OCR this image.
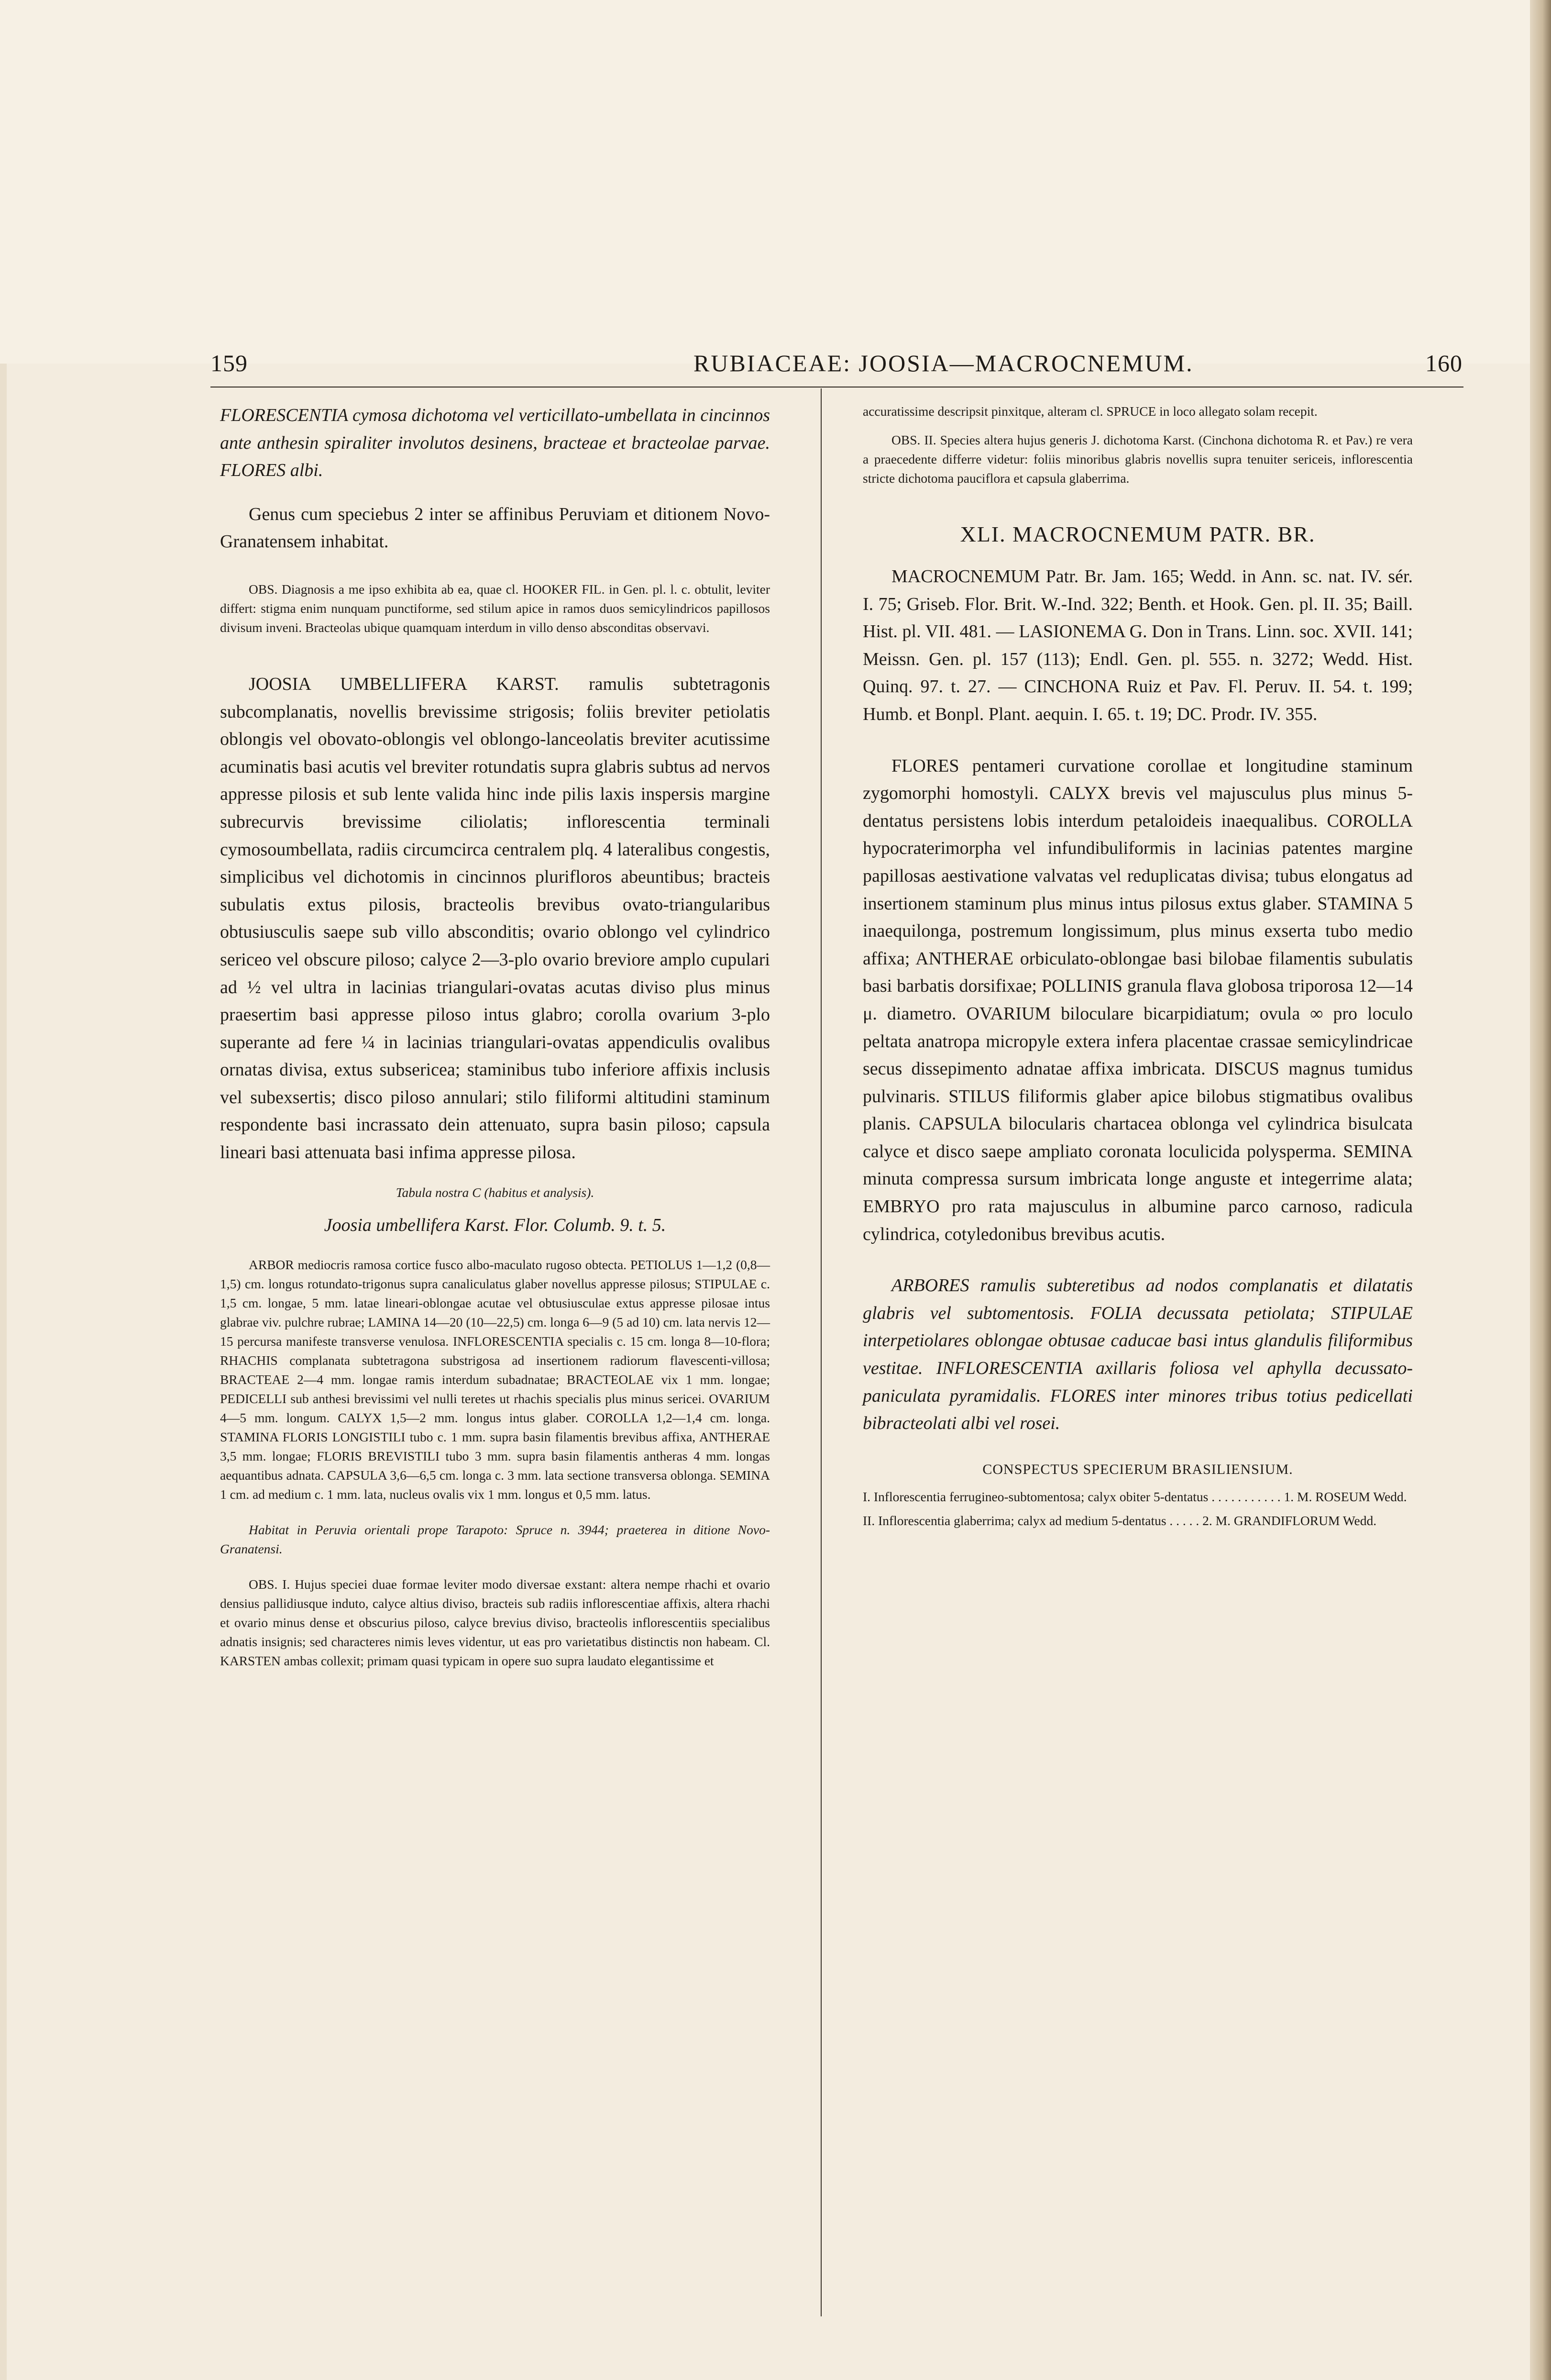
159	RUBIACEAE: JOOSIA—MACROCNEMUM.	160

FLORESCENTIA cymosa dichotoma vel verticillato-umbellata in cincinnos ante anthesin spiraliter involutos desinens, bracteae et bracteolae parvae. FLORES albi.

Genus cum speciebus 2 inter se affinibus Peruviam et ditionem Novo-Granatensem inhabitat.

OBS. Diagnosis a me ipso exhibita ab ea, quae cl. HOOKER FIL. in Gen. pl. l. c. obtulit, leviter differt: stigma enim nunquam punctiforme, sed stilum apice in ramos duos semicylindricos papillosos divisum inveni. Bracteolas ubique quamquam interdum in villo denso absconditas observavi.

JOOSIA UMBELLIFERA KARST. ramulis subtetragonis subcomplanatis, novellis brevissime strigosis; foliis breviter petiolatis oblongis vel obovato-oblongis vel oblongo-lanceolatis breviter acutissime acuminatis basi acutis vel breviter rotundatis supra glabris subtus ad nervos appresse pilosis et sub lente valida hinc inde pilis laxis inspersis margine subrecurvis brevissime ciliolatis; inflorescentia terminali cymosoumbellata, radiis circumcirca centralem plq. 4 lateralibus congestis, simplicibus vel dichotomis in cincinnos plurifloros abeuntibus; bracteis subulatis extus pilosis, bracteolis brevibus ovato-triangularibus obtusiusculis saepe sub villo absconditis; ovario oblongo vel cylindrico sericeo vel obscure piloso; calyce 2—3-plo ovario breviore amplo cupulari ad ½ vel ultra in lacinias triangulari-ovatas acutas diviso plus minus praesertim basi appresse piloso intus glabro; corolla ovarium 3-plo superante ad fere ¼ in lacinias triangulari-ovatas appendiculis ovalibus ornatas divisa, extus subsericea; staminibus tubo inferiore affixis inclusis vel subexsertis; disco piloso annulari; stilo filiformi altitudini staminum respondente basi incrassato dein attenuato, supra basin piloso; capsula lineari basi attenuata basi infima appresse pilosa.

Tabula nostra C (habitus et analysis).

Joosia umbellifera Karst. Flor. Columb. 9. t. 5.

ARBOR mediocris ramosa cortice fusco albo-maculato rugoso obtecta. PETIOLUS 1—1,2 (0,8—1,5) cm. longus rotundato-trigonus supra canaliculatus glaber novellus appresse pilosus; STIPULAE c. 1,5 cm. longae, 5 mm. latae lineari-oblongae acutae vel obtusiusculae extus appresse pilosae intus glabrae viv. pulchre rubrae; LAMINA 14—20 (10—22,5) cm. longa 6—9 (5 ad 10) cm. lata nervis 12—15 percursa manifeste transverse venulosa. INFLORESCENTIA specialis c. 15 cm. longa 8—10-flora; RHACHIS complanata subtetragona substrigosa ad insertionem radiorum flavescenti-villosa; BRACTEAE 2—4 mm. longae ramis interdum subadnatae; BRACTEOLAE vix 1 mm. longae; PEDICELLI sub anthesi brevissimi vel nulli teretes ut rhachis specialis plus minus sericei. OVARIUM 4—5 mm. longum. CALYX 1,5—2 mm. longus intus glaber. COROLLA 1,2—1,4 cm. longa. STAMINA FLORIS LONGISTILI tubo c. 1 mm. supra basin filamentis brevibus affixa, ANTHERAE 3,5 mm. longae; FLORIS BREVISTILI tubo 3 mm. supra basin filamentis antheras 4 mm. longas aequantibus adnata. CAPSULA 3,6—6,5 cm. longa c. 3 mm. lata sectione transversa oblonga. SEMINA 1 cm. ad medium c. 1 mm. lata, nucleus ovalis vix 1 mm. longus et 0,5 mm. latus.

Habitat in Peruvia orientali prope Tarapoto: Spruce n. 3944; praeterea in ditione Novo-Granatensi.

OBS. I. Hujus speciei duae formae leviter modo diversae exstant: altera nempe rhachi et ovario densius pallidiusque induto, calyce altius diviso, bracteis sub radiis inflorescentiae affixis, altera rhachi et ovario minus dense et obscurius piloso, calyce brevius diviso, bracteolis inflorescentiis specialibus adnatis insignis; sed characteres nimis leves videntur, ut eas pro varietatibus distinctis non habeam. Cl. KARSTEN ambas collexit; primam quasi typicam in opere suo supra laudato elegantissime et

accuratissime descripsit pinxitque, alteram cl. SPRUCE in loco allegato solam recepit.

OBS. II. Species altera hujus generis J. dichotoma Karst. (Cinchona dichotoma R. et Pav.) re vera a praecedente differre videtur: foliis minoribus glabris novellis supra tenuiter sericeis, inflorescentia stricte dichotoma pauciflora et capsula glaberrima.

XLI. MACROCNEMUM PATR. BR.

MACROCNEMUM Patr. Br. Jam. 165; Wedd. in Ann. sc. nat. IV. sér. I. 75; Griseb. Flor. Brit. W.-Ind. 322; Benth. et Hook. Gen. pl. II. 35; Baill. Hist. pl. VII. 481. — LASIONEMA G. Don in Trans. Linn. soc. XVII. 141; Meissn. Gen. pl. 157 (113); Endl. Gen. pl. 555. n. 3272; Wedd. Hist. Quinq. 97. t. 27. — CINCHONA Ruiz et Pav. Fl. Peruv. II. 54. t. 199; Humb. et Bonpl. Plant. aequin. I. 65. t. 19; DC. Prodr. IV. 355.

FLORES pentameri curvatione corollae et longitudine staminum zygomorphi homostyli. CALYX brevis vel majusculus plus minus 5-dentatus persistens lobis interdum petaloideis inaequalibus. COROLLA hypocraterimorpha vel infundibuliformis in lacinias patentes margine papillosas aestivatione valvatas vel reduplicatas divisa; tubus elongatus ad insertionem staminum plus minus intus pilosus extus glaber. STAMINA 5 inaequilonga, postremum longissimum, plus minus exserta tubo medio affixa; ANTHERAE orbiculato-oblongae basi bilobae filamentis subulatis basi barbatis dorsifixae; POLLINIS granula flava globosa triporosa 12—14 μ. diametro. OVARIUM biloculare bicarpidiatum; ovula ∞ pro loculo peltata anatropa micropyle extera infera placentae crassae semicylindricae secus dissepimento adnatae affixa imbricata. DISCUS magnus tumidus pulvinaris. STILUS filiformis glaber apice bilobus stigmatibus ovalibus planis. CAPSULA bilocularis chartacea oblonga vel cylindrica bisulcata calyce et disco saepe ampliato coronata loculicida polysperma. SEMINA minuta compressa sursum imbricata longe anguste et integerrime alata; EMBRYO pro rata majusculus in albumine parco carnoso, radicula cylindrica, cotyledonibus brevibus acutis.

ARBORES ramulis subteretibus ad nodos complanatis et dilatatis glabris vel subtomentosis. FOLIA decussata petiolata; STIPULAE interpetiolares oblongae obtusae caducae basi intus glandulis filiformibus vestitae. INFLORESCENTIA axillaris foliosa vel aphylla decussato-paniculata pyramidalis. FLORES inter minores tribus totius pedicellati bibracteolati albi vel rosei.

CONSPECTUS SPECIERUM BRASILIENSIUM.

I. Inflorescentia ferrugineo-subtomentosa; calyx obiter 5-dentatus . . . . . . . . . . . 1. M. ROSEUM Wedd.

II. Inflorescentia glaberrima; calyx ad medium 5-dentatus . . . . . 2. M. GRANDIFLORUM Wedd.
